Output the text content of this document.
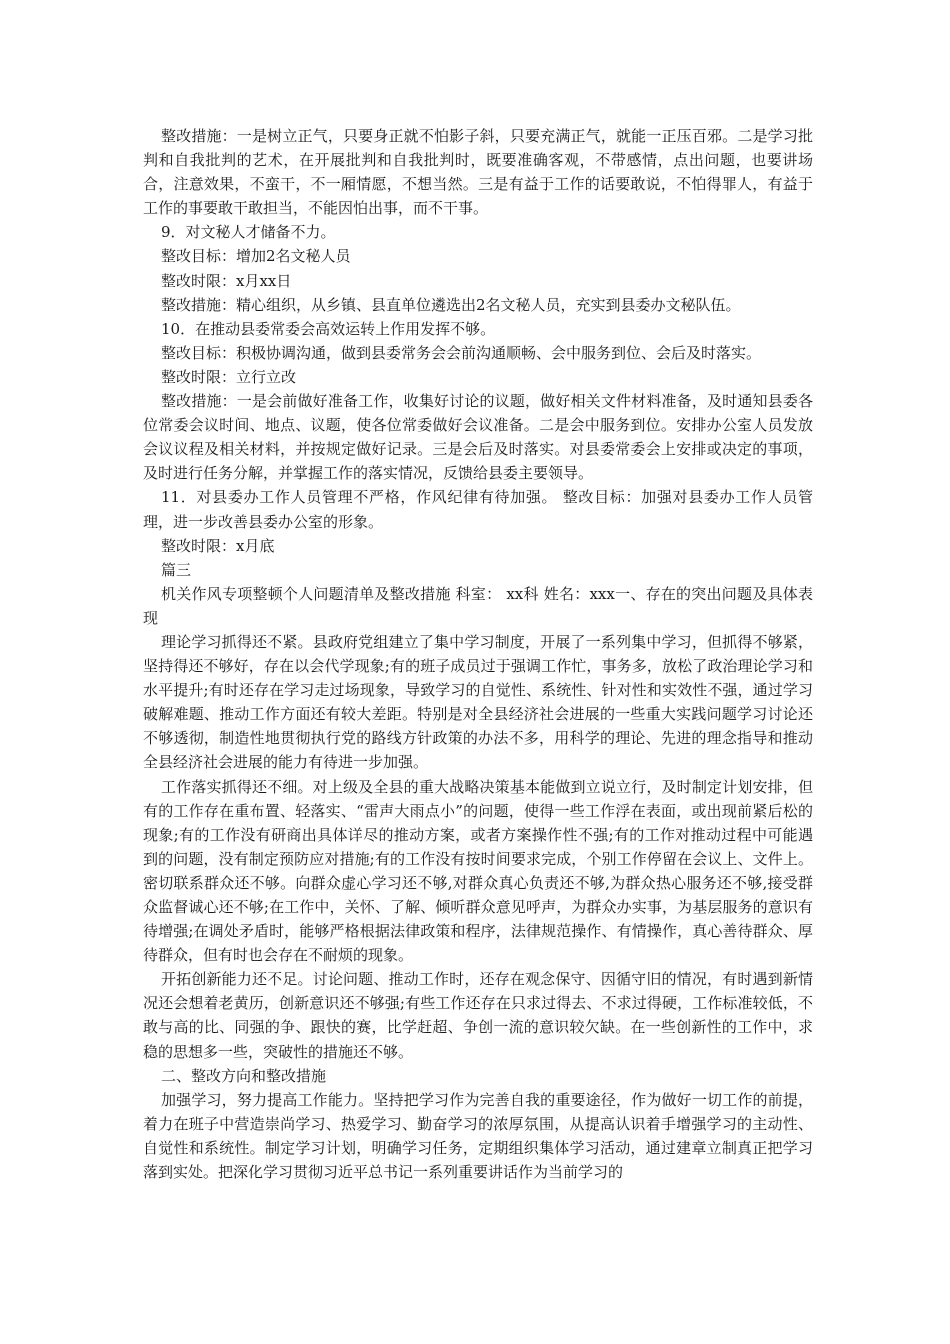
整改措施：一是树立正气，只要身正就不怕影子斜，只要充满正气，就能一正压百邪。二是学习批判和自我批判的艺术，在开展批判和自我批判时，既要准确客观，不带感情，点出问题，也要讲场合，注意效果，不蛮干，不一厢情愿，不想当然。三是有益于工作的话要敢说，不怕得罪人，有益于工作的事要敢干敢担当，不能因怕出事，而不干事。

9．对文秘人才储备不力。

整改目标：增加2名文秘人员

整改时限：x月xx日

整改措施：精心组织，从乡镇、县直单位遴选出2名文秘人员，充实到县委办文秘队伍。

10．在推动县委常委会高效运转上作用发挥不够。

整改目标：积极协调沟通，做到县委常务会会前沟通顺畅、会中服务到位、会后及时落实。

整改时限：立行立改

整改措施：一是会前做好准备工作，收集好讨论的议题，做好相关文件材料准备，及时通知县委各位常委会议时间、地点、议题，使各位常委做好会议准备。二是会中服务到位。安排办公室人员发放会议议程及相关材料，并按规定做好记录。三是会后及时落实。对县委常委会上安排或决定的事项，及时进行任务分解，并掌握工作的落实情况，反馈给县委主要领导。

11．对县委办工作人员管理不严格，作风纪律有待加强。 整改目标：加强对县委办工作人员管理，进一步改善县委办公室的形象。

整改时限：x月底

篇三

机关作风专项整顿个人问题清单及整改措施 科室： xx科 姓名：xxx一、存在的突出问题及具体表现

理论学习抓得还不紧。县政府党组建立了集中学习制度，开展了一系列集中学习，但抓得不够紧，坚持得还不够好，存在以会代学现象;有的班子成员过于强调工作忙，事务多，放松了政治理论学习和水平提升;有时还存在学习走过场现象，导致学习的自觉性、系统性、针对性和实效性不强，通过学习破解难题、推动工作方面还有较大差距。特别是对全县经济社会进展的一些重大实践问题学习讨论还不够透彻，制造性地贯彻执行党的路线方针政策的办法不多，用科学的理论、先进的理念指导和推动全县经济社会进展的能力有待进一步加强。

工作落实抓得还不细。对上级及全县的重大战略决策基本能做到立说立行，及时制定计划安排，但有的工作存在重布置、轻落实、“雷声大雨点小”的问题，使得一些工作浮在表面，或出现前紧后松的现象;有的工作没有研商出具体详尽的推动方案，或者方案操作性不强;有的工作对推动过程中可能遇到的问题，没有制定预防应对措施;有的工作没有按时间要求完成，个别工作停留在会议上、文件上。密切联系群众还不够。向群众虚心学习还不够,对群众真心负责还不够,为群众热心服务还不够,接受群众监督诚心还不够;在工作中，关怀、了解、倾听群众意见呼声，为群众办实事，为基层服务的意识有待增强;在调处矛盾时，能够严格根据法律政策和程序，法律规范操作、有情操作，真心善待群众、厚待群众，但有时也会存在不耐烦的现象。

开拓创新能力还不足。讨论问题、推动工作时，还存在观念保守、因循守旧的情况，有时遇到新情况还会想着老黄历，创新意识还不够强;有些工作还存在只求过得去、不求过得硬，工作标准较低，不敢与高的比、同强的争、跟快的赛，比学赶超、争创一流的意识较欠缺。在一些创新性的工作中，求稳的思想多一些，突破性的措施还不够。

二、整改方向和整改措施

加强学习，努力提高工作能力。坚持把学习作为完善自我的重要途径，作为做好一切工作的前提，着力在班子中营造崇尚学习、热爱学习、勤奋学习的浓厚氛围，从提高认识着手增强学习的主动性、自觉性和系统性。制定学习计划，明确学习任务，定期组织集体学习活动，通过建章立制真正把学习落到实处。把深化学习贯彻习近平总书记一系列重要讲话作为当前学习的
